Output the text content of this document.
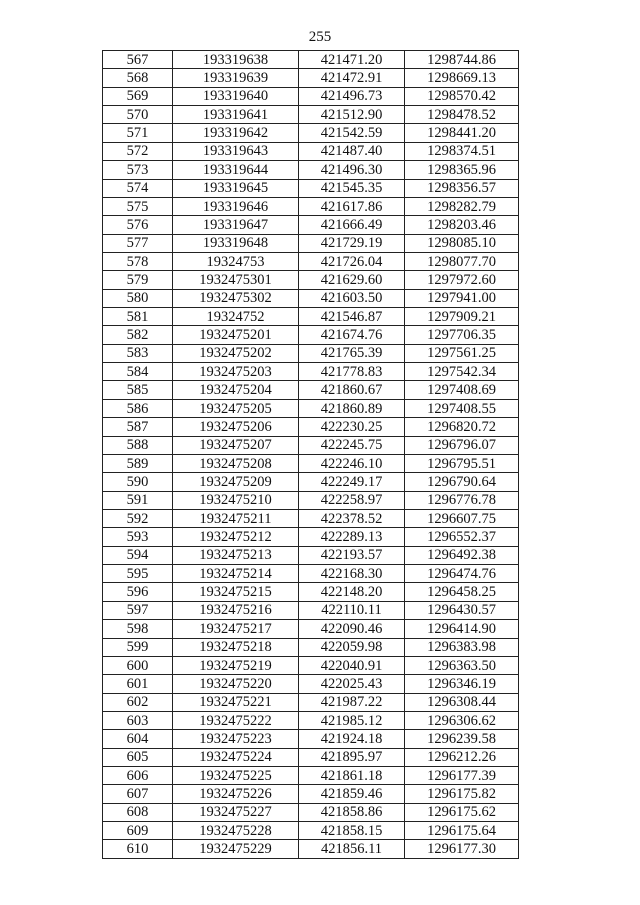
255
567	193319638	421471.20	1298744.86
568	193319639	421472.91	1298669.13
569	193319640	421496.73	1298570.42
570	193319641	421512.90	1298478.52
571	193319642	421542.59	1298441.20
572	193319643	421487.40	1298374.51
573	193319644	421496.30	1298365.96
574	193319645	421545.35	1298356.57
575	193319646	421617.86	1298282.79
576	193319647	421666.49	1298203.46
577	193319648	421729.19	1298085.10
578	19324753	421726.04	1298077.70
579	1932475301	421629.60	1297972.60
580	1932475302	421603.50	1297941.00
581	19324752	421546.87	1297909.21
582	1932475201	421674.76	1297706.35
583	1932475202	421765.39	1297561.25
584	1932475203	421778.83	1297542.34
585	1932475204	421860.67	1297408.69
586	1932475205	421860.89	1297408.55
587	1932475206	422230.25	1296820.72
588	1932475207	422245.75	1296796.07
589	1932475208	422246.10	1296795.51
590	1932475209	422249.17	1296790.64
591	1932475210	422258.97	1296776.78
592	1932475211	422378.52	1296607.75
593	1932475212	422289.13	1296552.37
594	1932475213	422193.57	1296492.38
595	1932475214	422168.30	1296474.76
596	1932475215	422148.20	1296458.25
597	1932475216	422110.11	1296430.57
598	1932475217	422090.46	1296414.90
599	1932475218	422059.98	1296383.98
600	1932475219	422040.91	1296363.50
601	1932475220	422025.43	1296346.19
602	1932475221	421987.22	1296308.44
603	1932475222	421985.12	1296306.62
604	1932475223	421924.18	1296239.58
605	1932475224	421895.97	1296212.26
606	1932475225	421861.18	1296177.39
607	1932475226	421859.46	1296175.82
608	1932475227	421858.86	1296175.62
609	1932475228	421858.15	1296175.64
610	1932475229	421856.11	1296177.30
